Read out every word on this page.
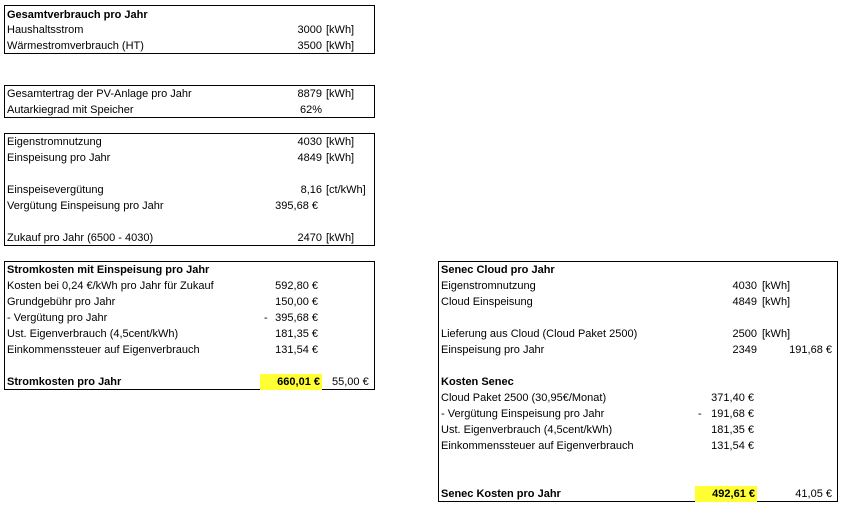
Gesamtverbrauch pro Jahr
Haushaltsstrom	3000 [kWh]
Wärmestromverbrauch (HT)	3500 [kWh]
Gesamtertrag der PV-Anlage pro Jahr	8879 [kWh]
Autarkiegrad mit Speicher	62%
Eigenstromnutzung	4030 [kWh]
Einspeisung pro Jahr	4849 [kWh]
Einspeisevergütung	8,16 [ct/kWh]
Vergütung Einspeisung pro Jahr	395,68 €
Zukauf pro Jahr (6500 - 4030)	2470 [kWh]
Stromkosten mit Einspeisung pro Jahr
Kosten bei 0,24 €/kWh pro Jahr für Zukauf	592,80 €
Grundgebühr pro Jahr	150,00 €
- Vergütung pro Jahr	- 395,68 €
Ust. Eigenverbrauch (4,5cent/kWh)	181,35 €
Einkommenssteuer auf Eigenverbrauch	131,54 €
Stromkosten pro Jahr	660,01 € 55,00 €
Senec Cloud pro Jahr
Eigenstromnutzung	4030 [kWh]
Cloud Einspeisung	4849 [kWh]
Lieferung aus Cloud (Cloud Paket 2500)	2500 [kWh]
Einspeisung pro Jahr	2349	191,68 €
Kosten Senec
Cloud Paket 2500 (30,95€/Monat)	371,40 €
- Vergütung Einspeisung pro Jahr	- 191,68 €
Ust. Eigenverbrauch (4,5cent/kWh)	181,35 €
Einkommenssteuer auf Eigenverbrauch	131,54 €
Senec Kosten pro Jahr	492,61 €	41,05 €
